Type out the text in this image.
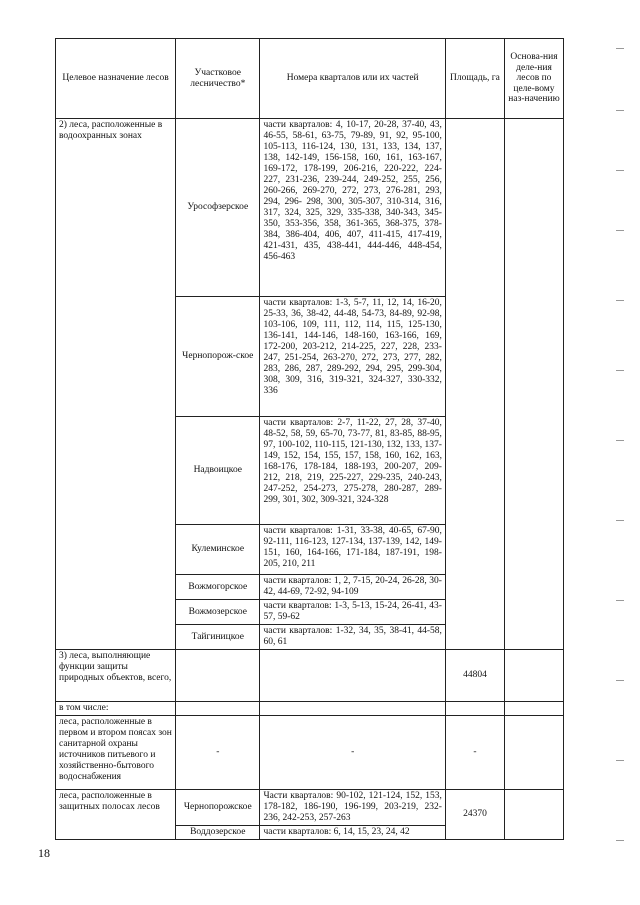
Целевое назначение лесов	Участковое лесничество*	Номера кварталов или их частей	Площадь, га	Основа-ния деле-ния лесов по целе-вому наз-начению
2) леса, расположенные в водоохранных зонах	Урософзерское	части кварталов: 4, 10-17, 20-28, 37-40, 43, 46-55, 58-61, 63-75, 79-89, 91, 92, 95-100, 105-113, 116-124, 130, 131, 133, 134, 137, 138, 142-149, 156-158, 160, 161, 163-167, 169-172, 178-199, 206-216, 220-222, 224-227, 231-236, 239-244, 249-252, 255, 256, 260-266, 269-270, 272, 273, 276-281, 293, 294, 296- 298, 300, 305-307, 310-314, 316, 317, 324, 325, 329, 335-338, 340-343, 345-350, 353-356, 358, 361-365, 368-375, 378-384, 386-404, 406, 407, 411-415, 417-419, 421-431, 435, 438-441, 444-446, 448-454, 456-463		
	Чернопорож-ское	части кварталов: 1-3, 5-7, 11, 12, 14, 16-20, 25-33, 36, 38-42, 44-48, 54-73, 84-89, 92-98, 103-106, 109, 111, 112, 114, 115, 125-130, 136-141, 144-146, 148-160, 163-166, 169, 172-200, 203-212, 214-225, 227, 228, 233-247, 251-254, 263-270, 272, 273, 277, 282, 283, 286, 287, 289-292, 294, 295, 299-304, 308, 309, 316, 319-321, 324-327, 330-332, 336		
	Надвоицкое	части кварталов: 2-7, 11-22, 27, 28, 37-40, 48-52, 58, 59, 65-70, 73-77, 81, 83-85, 88-95, 97, 100-102, 110-115, 121-130, 132, 133, 137-149, 152, 154, 155, 157, 158, 160, 162, 163, 168-176, 178-184, 188-193, 200-207, 209-212, 218, 219, 225-227, 229-235, 240-243, 247-252, 254-273, 275-278, 280-287, 289-299, 301, 302, 309-321, 324-328		
	Кулеминское	части кварталов: 1-31, 33-38, 40-65, 67-90, 92-111, 116-123, 127-134, 137-139, 142, 149-151, 160, 164-166, 171-184, 187-191, 198-205, 210, 211		
	Вожмогорское	части кварталов: 1, 2, 7-15, 20-24, 26-28, 30-42, 44-69, 72-92, 94-109		
	Вожмозерское	части кварталов: 1-3, 5-13, 15-24, 26-41, 43-57, 59-62		
	Тайгиницкое	части кварталов: 1-32, 34, 35, 38-41, 44-58, 60, 61		
3) леса, выполняющие функции защиты природных объектов, всего,			44804	
в том числе:				
леса, расположенные в первом и втором поясах зон санитарной охраны источников питьевого и хозяйственно-бытового водоснабжения	-	-	-	
леса, расположенные в защитных полосах лесов	Чернопорожское	Части кварталов: 90-102, 121-124, 152, 153, 178-182, 186-190, 196-199, 203-219, 232-236, 242-253, 257-263	24370	
	Воддозерское	части кварталов: 6, 14, 15, 23, 24, 42		
18
